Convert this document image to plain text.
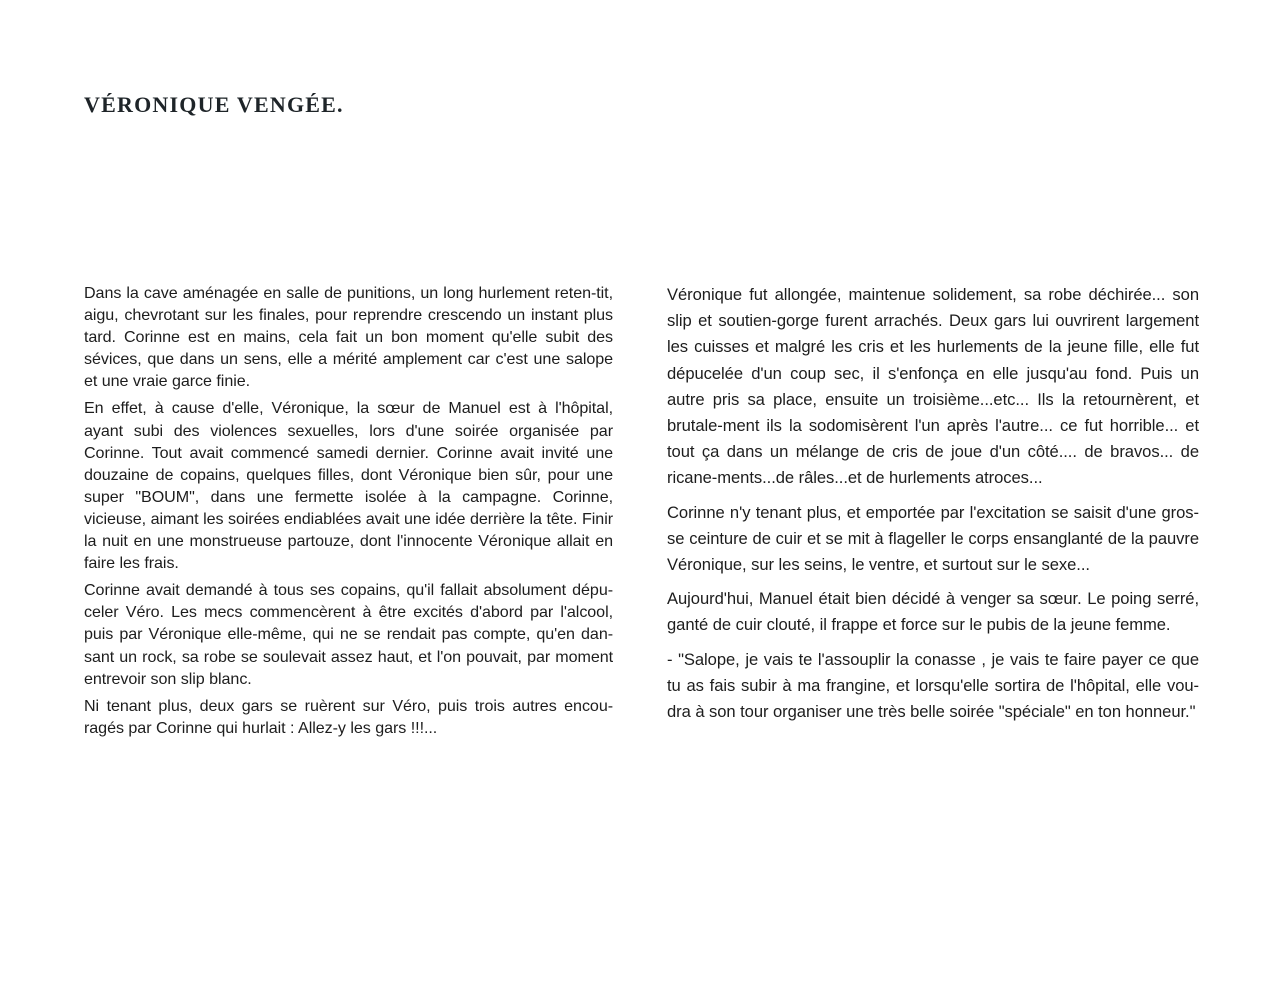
VÉRONIQUE VENGÉE.

Dans la cave aménagée en salle de punitions, un long hurlement reten-tit, aigu, chevrotant sur les finales, pour reprendre crescendo un instant plus tard. Corinne est en mains, cela fait un bon moment qu'elle subit des sévices, que dans un sens, elle a mérité amplement car c'est une salope et une vraie garce finie.

En effet, à cause d'elle, Véronique, la sœur de Manuel est à l'hôpital, ayant subi des violences sexuelles, lors d'une soirée organisée par Corinne. Tout avait commencé samedi dernier. Corinne avait invité une douzaine de copains, quelques filles, dont Véronique bien sûr, pour une super "BOUM", dans une fermette isolée à la campagne. Corinne, vicieuse, aimant les soirées endiablées avait une idée derrière la tête. Finir la nuit en une monstrueuse partouze, dont l'innocente Véronique allait en faire les frais.

Corinne avait demandé à tous ses copains, qu'il fallait absolument dépu-celer Véro. Les mecs commencèrent à être excités d'abord par l'alcool, puis par Véronique elle-même, qui ne se rendait pas compte, qu'en dan-sant un rock, sa robe se soulevait assez haut, et l'on pouvait, par moment entrevoir son slip blanc.

Ni tenant plus, deux gars se ruèrent sur Véro, puis trois autres encou-ragés par Corinne qui hurlait : Allez-y les gars !!!...

Véronique fut allongée, maintenue solidement, sa robe déchirée... son slip et soutien-gorge furent arrachés. Deux gars lui ouvrirent largement les cuisses et malgré les cris et les hurlements de la jeune fille, elle fut dépucelée d'un coup sec, il s'enfonça en elle jusqu'au fond. Puis un autre pris sa place, ensuite un troisième...etc... Ils la retournèrent, et brutale-ment ils la sodomisèrent l'un après l'autre... ce fut horrible... et tout ça dans un mélange de cris de joue d'un côté.... de bravos... de ricane-ments...de râles...et de hurlements atroces...

Corinne n'y tenant plus, et emportée par l'excitation se saisit d'une gros-se ceinture de cuir et se mit à flageller le corps ensanglanté de la pauvre Véronique, sur les seins, le ventre, et surtout sur le sexe...

Aujourd'hui, Manuel était bien décidé à venger sa sœur. Le poing serré, ganté de cuir clouté, il frappe et force sur le pubis de la jeune femme.

- "Salope, je vais te l'assouplir la conasse , je vais te faire payer ce que tu as fais subir à ma frangine, et lorsqu'elle sortira de l'hôpital, elle vou-dra à son tour organiser une très belle soirée "spéciale" en ton honneur."
